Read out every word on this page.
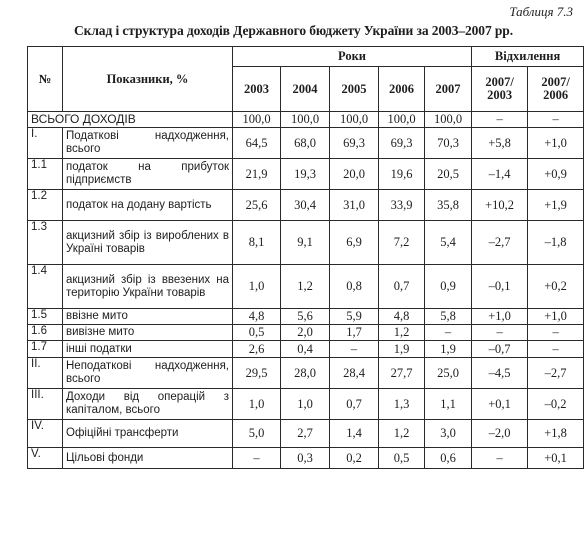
Таблиця 7.3
Склад і структура доходів Державного бюджету України за 2003–2007 рр.
№	Показники, %	Роки					Відхилення	
		2003	2004	2005	2006	2007	2007/ 2003	2007/ 2006
ВСЬОГО ДОХОДІВ		100,0	100,0	100,0	100,0	100,0	–	–
І.	Податкові надходження, всього	64,5	68,0	69,3	69,3	70,3	+5,8	+1,0
1.1	податок на прибуток підприємств	21,9	19,3	20,0	19,6	20,5	–1,4	+0,9
1.2	податок на додану вартість	25,6	30,4	31,0	33,9	35,8	+10,2	+1,9
1.3	акцизний збір із вироблених в Україні товарів	8,1	9,1	6,9	7,2	5,4	–2,7	–1,8
1.4	акцизний збір із ввезених на територію України товарів	1,0	1,2	0,8	0,7	0,9	–0,1	+0,2
1.5	ввізне мито	4,8	5,6	5,9	4,8	5,8	+1,0	+1,0
1.6	вивізне мито	0,5	2,0	1,7	1,2	–	–	–
1.7	інші податки	2,6	0,4	–	1,9	1,9	–0,7	–
ІІ.	Неподаткові надходження, всього	29,5	28,0	28,4	27,7	25,0	–4,5	–2,7
ІІІ.	Доходи від операцій з капіталом, всього	1,0	1,0	0,7	1,3	1,1	+0,1	–0,2
IV.	Офіційні трансферти	5,0	2,7	1,4	1,2	3,0	–2,0	+1,8
V.	Цільові фонди	–	0,3	0,2	0,5	0,6	–	+0,1
